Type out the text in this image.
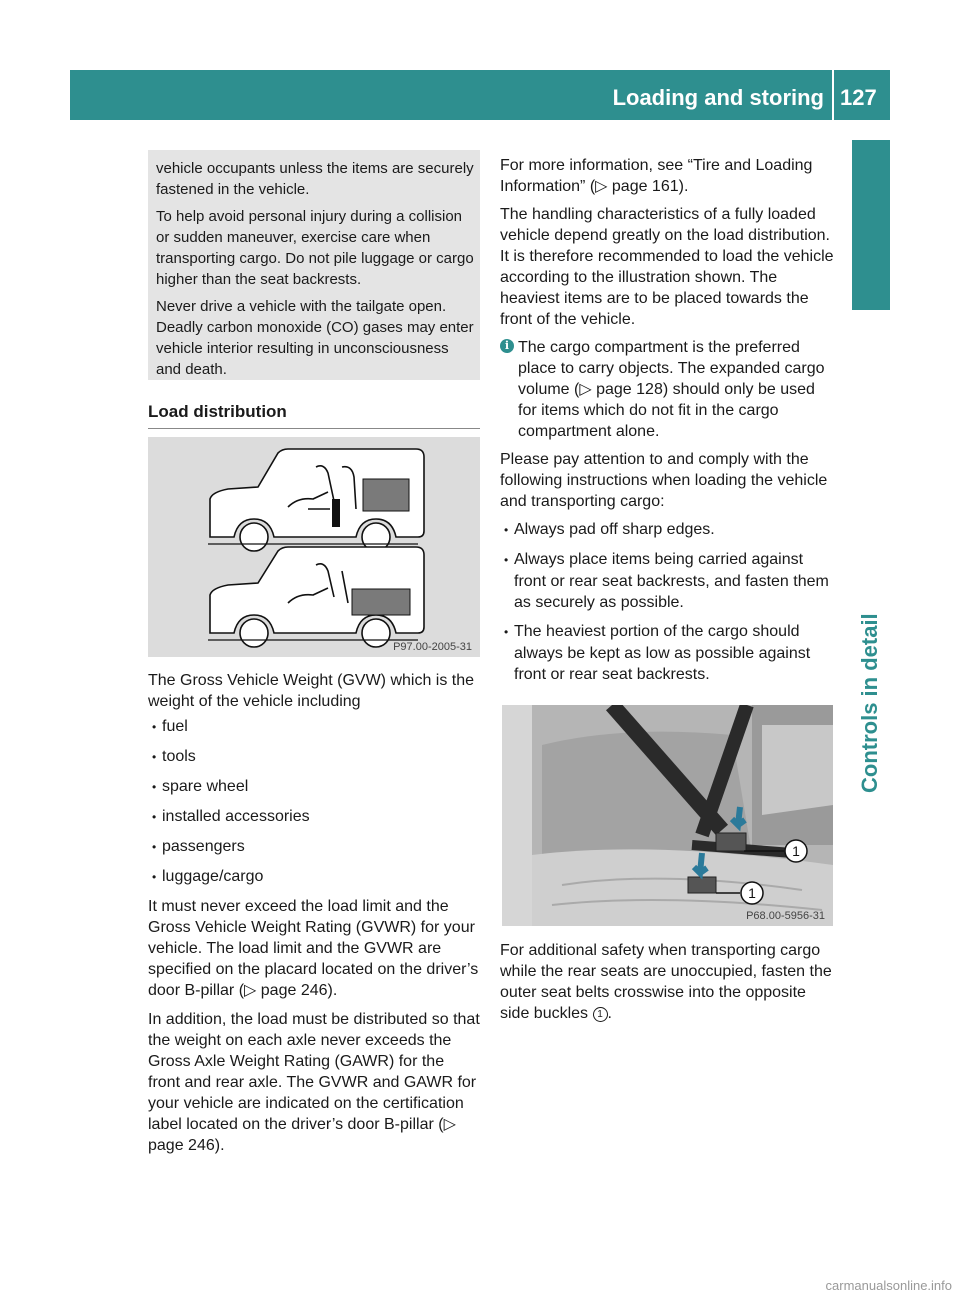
Loading and storing 127
Controls in detail

vehicle occupants unless the items are securely fastened in the vehicle.

To help avoid personal injury during a collision or sudden maneuver, exercise care when transporting cargo. Do not pile luggage or cargo higher than the seat backrests.

Never drive a vehicle with the tailgate open. Deadly carbon monoxide (CO) gases may enter vehicle interior resulting in unconsciousness and death.

Load distribution
P97.00-2005-31

The Gross Vehicle Weight (GVW) which is the weight of the vehicle including

• fuel
• tools
• spare wheel
• installed accessories
• passengers
• luggage/cargo

It must never exceed the load limit and the Gross Vehicle Weight Rating (GVWR) for your vehicle. The load limit and the GVWR are specified on the placard located on the driver’s door B-pillar (▷ page 246).

In addition, the load must be distributed so that the weight on each axle never exceeds the Gross Axle Weight Rating (GAWR) for the front and rear axle. The GVWR and GAWR for your vehicle are indicated on the certification label located on the driver’s door B-pillar (▷ page 246).

For more information, see “Tire and Loading Information” (▷ page 161).

The handling characteristics of a fully loaded vehicle depend greatly on the load distribution. It is therefore recommended to load the vehicle according to the illustration shown. The heaviest items are to be placed towards the front of the vehicle.

i The cargo compartment is the preferred place to carry objects. The expanded cargo volume (▷ page 128) should only be used for items which do not fit in the cargo compartment alone.

Please pay attention to and comply with the following instructions when loading the vehicle and transporting cargo:

• Always pad off sharp edges.
• Always place items being carried against front or rear seat backrests, and fasten them as securely as possible.
• The heaviest portion of the cargo should always be kept as low as possible against front or rear seat backrests.
1
1
P68.00-5956-31
For additional safety when transporting cargo while the rear seats are unoccupied, fasten the outer seat belts crosswise into the opposite side buckles 1 .
carmanualsonline.info
